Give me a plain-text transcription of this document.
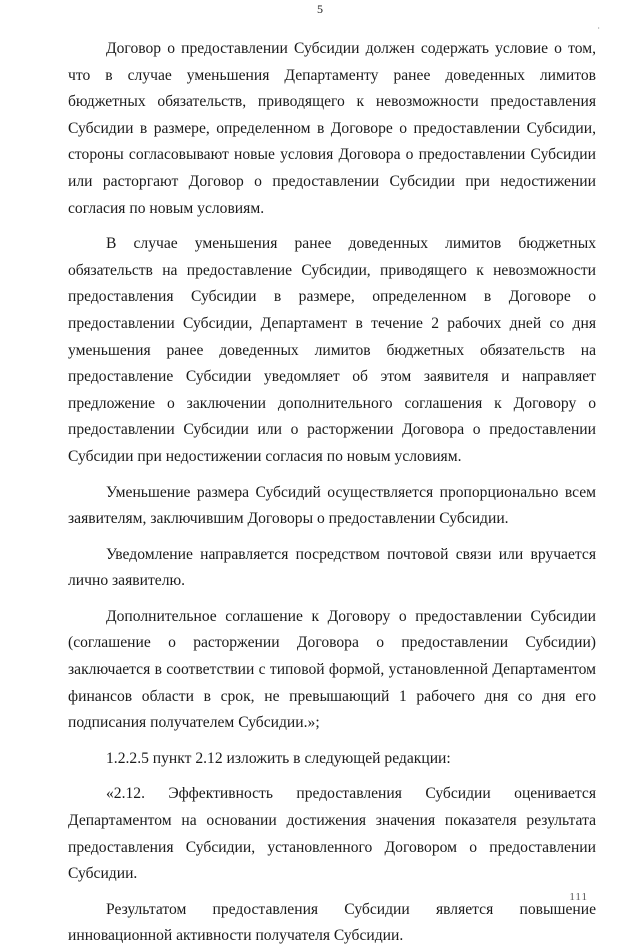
5
·

Договор о предоставлении Субсидии должен содержать условие о том, что в случае уменьшения Департаменту ранее доведенных лимитов бюджетных обязательств, приводящего к невозможности предоставления Субсидии в размере, определенном в Договоре о предоставлении Субсидии, стороны согласовывают новые условия Договора о предоставлении Субсидии или расторгают Договор о предоставлении Субсидии при недостижении согласия по новым условиям.

В случае уменьшения ранее доведенных лимитов бюджетных обязательств на предоставление Субсидии, приводящего к невозможности предоставления Субсидии в размере, определенном в Договоре о предоставлении Субсидии, Департамент в течение 2 рабочих дней со дня уменьшения ранее доведенных лимитов бюджетных обязательств на предоставление Субсидии уведомляет об этом заявителя и направляет предложение о заключении дополнительного соглашения к Договору о предоставлении Субсидии или о расторжении Договора о предоставлении Субсидии при недостижении согласия по новым условиям.

Уменьшение размера Субсидий осуществляется пропорционально всем заявителям, заключившим Договоры о предоставлении Субсидии.

Уведомление направляется посредством почтовой связи или вручается лично заявителю.

Дополнительное соглашение к Договору о предоставлении Субсидии (соглашение о расторжении Договора о предоставлении Субсидии) заключается в соответствии с типовой формой, установленной Департаментом финансов области в срок, не превышающий 1 рабочего дня со дня его подписания получателем Субсидии.»;

1.2.2.5 пункт 2.12 изложить в следующей редакции:

«2.12. Эффективность предоставления Субсидии оценивается Департаментом на основании достижения значения показателя результата предоставления Субсидии, установленного Договором о предоставлении Субсидии.

Результатом предоставления Субсидии является повышение инновационной активности получателя Субсидии.

111
